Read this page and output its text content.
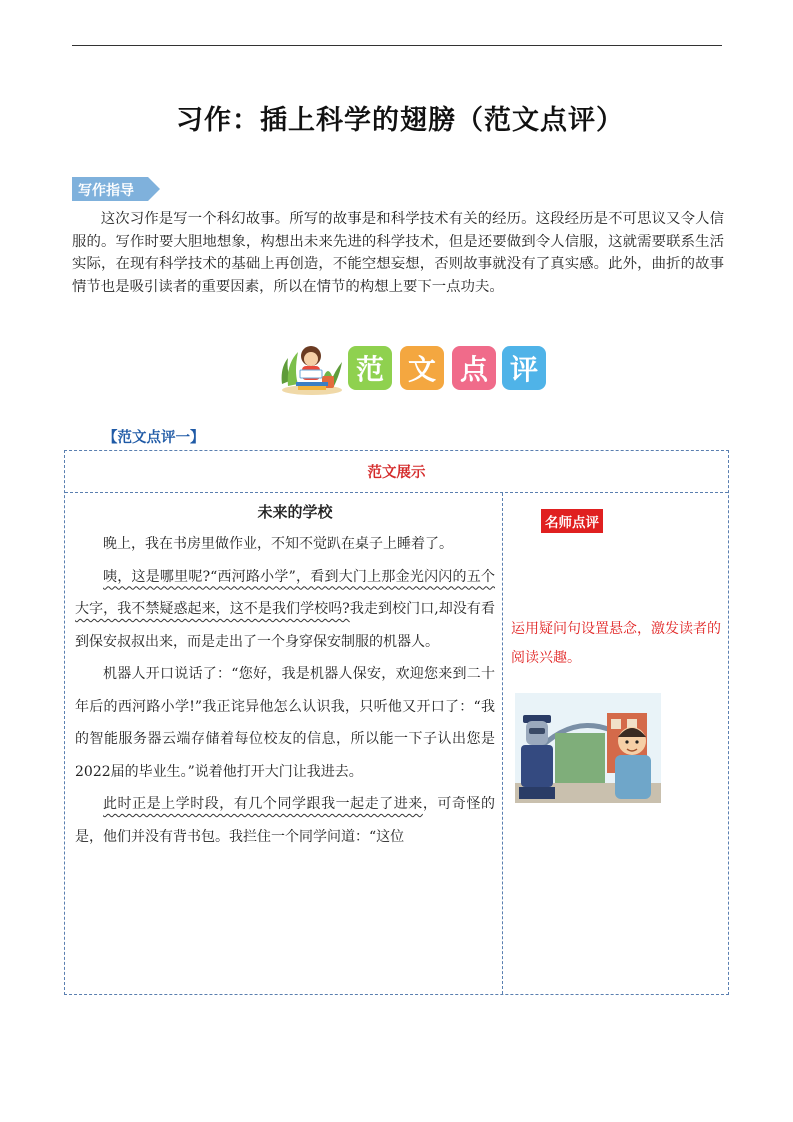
习作：插上科学的翅膀（范文点评）
写作指导

这次习作是写一个科幻故事。所写的故事是和科学技术有关的经历。这段经历是不可思议又令人信服的。写作时要大胆地想象，构想出未来先进的科学技术，但是还要做到令人信服，这就需要联系生活实际，在现有科学技术的基础上再创造，不能空想妄想，否则故事就没有了真实感。此外，曲折的故事情节也是吸引读者的重要因素，所以在情节的构想上要下一点功夫。

范 文 点 评
【范文点评一】
范文展示
未来的学校

晚上，我在书房里做作业，不知不觉趴在桌子上睡着了。

咦，这是哪里呢?“西河路小学”，看到大门上那金光闪闪的五个大字，我不禁疑惑起来，这不是我们学校吗?我走到校门口,却没有看到保安叔叔出来，而是走出了一个身穿保安制服的机器人。

机器人开口说话了：“您好，我是机器人保安，欢迎您来到二十年后的西河路小学!”我正诧异他怎么认识我，只听他又开口了：“我的智能服务器云端存储着每位校友的信息，所以能一下子认出您是2022届的毕业生。”说着他打开大门让我进去。

此时正是上学时段，有几个同学跟我一起走了进来，可奇怪的是，他们并没有背书包。我拦住一个同学问道：“这位

名师点评
运用疑问句设置悬念，激发读者的阅读兴趣。
